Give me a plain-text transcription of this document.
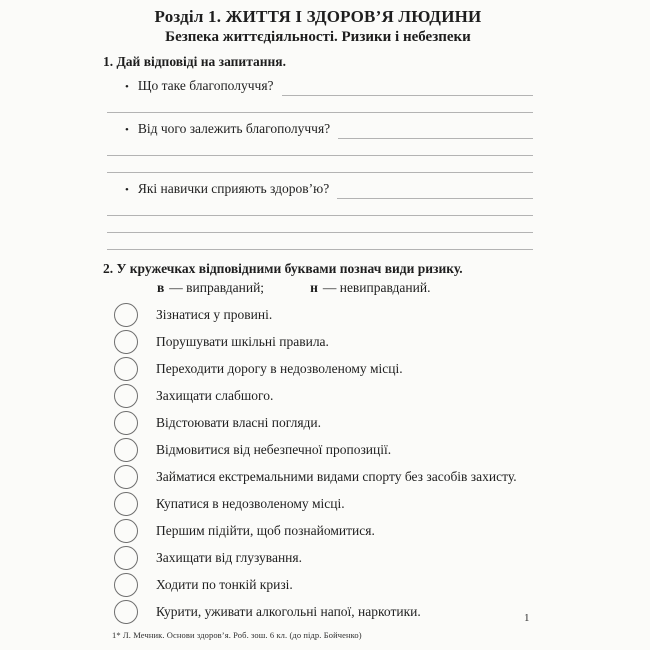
Розділ 1. ЖИТТЯ І ЗДОРОВ’Я ЛЮДИНИ
Безпека життєдіяльності. Ризики і небезпеки
1. Дай відповіді на запитання.
• Що таке благополуччя?
• Від чого залежить благополуччя?
• Які навички сприяють здоров’ю?
2. У кружечках відповідними буквами познач види ризику.
в — виправданий;	н — невиправданий.
Зізнатися у провині.
Порушувати шкільні правила.
Переходити дорогу в недозволеному місці.
Захищати слабшого.
Відстоювати власні погляди.
Відмовитися від небезпечної пропозиції.
Займатися екстремальними видами спорту без засобів захисту.
Купатися в недозволеному місці.
Першим підійти, щоб познайомитися.
Захищати від глузування.
Ходити по тонкій кризі.
Курити, уживати алкогольні напої, наркотики.	1
1* Л. Мечник. Основи здоров’я. Роб. зош. 6 кл. (до підр. Бойченко)
